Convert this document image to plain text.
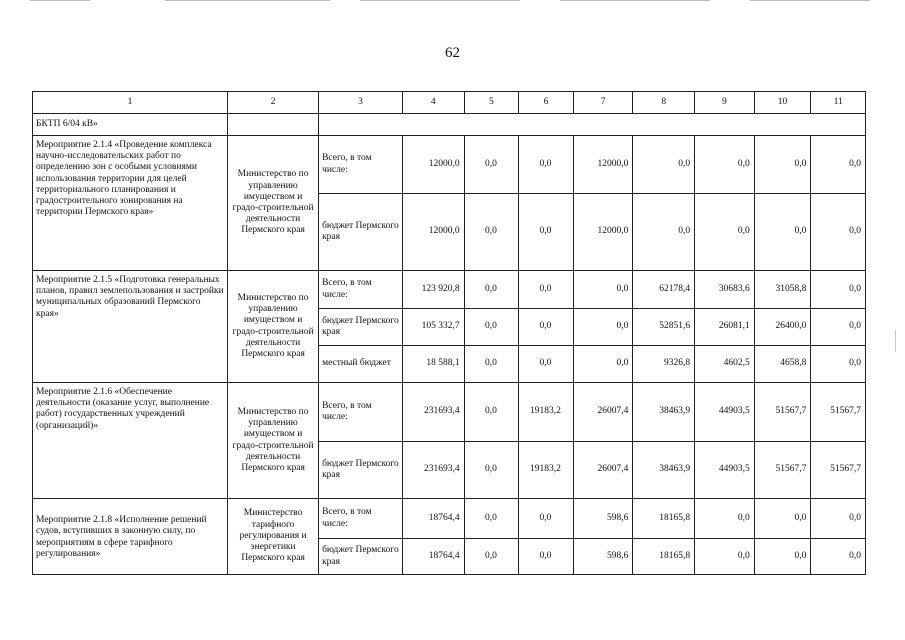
62
1	2	3	4	5	6	7	8	9	10	11
БКТП 6/04 кВ»										
Мероприятие 2.1.4 «Проведение комплекса научно-исследовательских работ по определению зон с особыми условиями использования территории для целей территориального планирования и градостроительного зонирования на территории Пермского края»	Министерство по управлению имуществом и градо-строительной деятельности Пермского края	Всего, в том числе:	12000,0	0,0	0,0	12000,0	0,0	0,0	0,0	0,0
		бюджет Пермского края	12000,0	0,0	0,0	12000,0	0,0	0,0	0,0	0,0
Мероприятие 2.1.5 «Подготовка генеральных планов, правил землепользования и застройки муниципальных образований Пермского края»	Министерство по управлению имуществом и градо-строительной деятельности Пермского края	Всего, в том числе:	123 920,8	0,0	0,0	0,0	62178,4	30683,6	31058,8	0,0
		бюджет Пермского края	105 332,7	0,0	0,0	0,0	52851,6	26081,1	26400,0	0,0
		местный бюджет	18 588,1	0,0	0,0	0,0	9326,8	4602,5	4658,8	0,0
Мероприятие 2.1.6 «Обеспечение деятельности (оказание услуг, выполнение работ) государственных учреждений (организаций)»	Министерство по управлению имуществом и градо-строительной деятельности Пермского края	Всего, в том числе:	231693,4	0,0	19183,2	26007,4	38463,9	44903,5	51567,7	51567,7
		бюджет Пермского края	231693,4	0,0	19183,2	26007,4	38463,9	44903,5	51567,7	51567,7
Мероприятие 2.1.8 «Исполнение решений судов, вступивших в законную силу, по мероприятиям в сфере тарифного регулирования»	Министерство тарифного регулирования и энергетики Пермского края	Всего, в том числе:	18764,4	0,0	0,0	598,6	18165,8	0,0	0,0	0,0
		бюджет Пермского края	18764,4	0,0	0,0	598,6	18165,8	0,0	0,0	0,0
